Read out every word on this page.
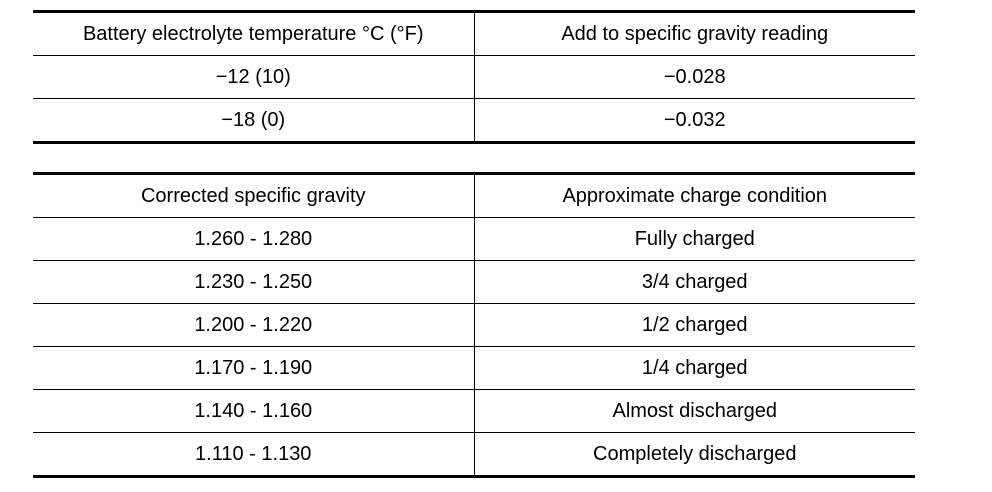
Battery electrolyte temperature °C (°F)	Add to specific gravity reading
−12 (10)	−0.028
−18 (0)	−0.032
Corrected specific gravity	Approximate charge condition
1.260 - 1.280	Fully charged
1.230 - 1.250	3/4 charged
1.200 - 1.220	1/2 charged
1.170 - 1.190	1/4 charged
1.140 - 1.160	Almost discharged
1.110 - 1.130	Completely discharged
